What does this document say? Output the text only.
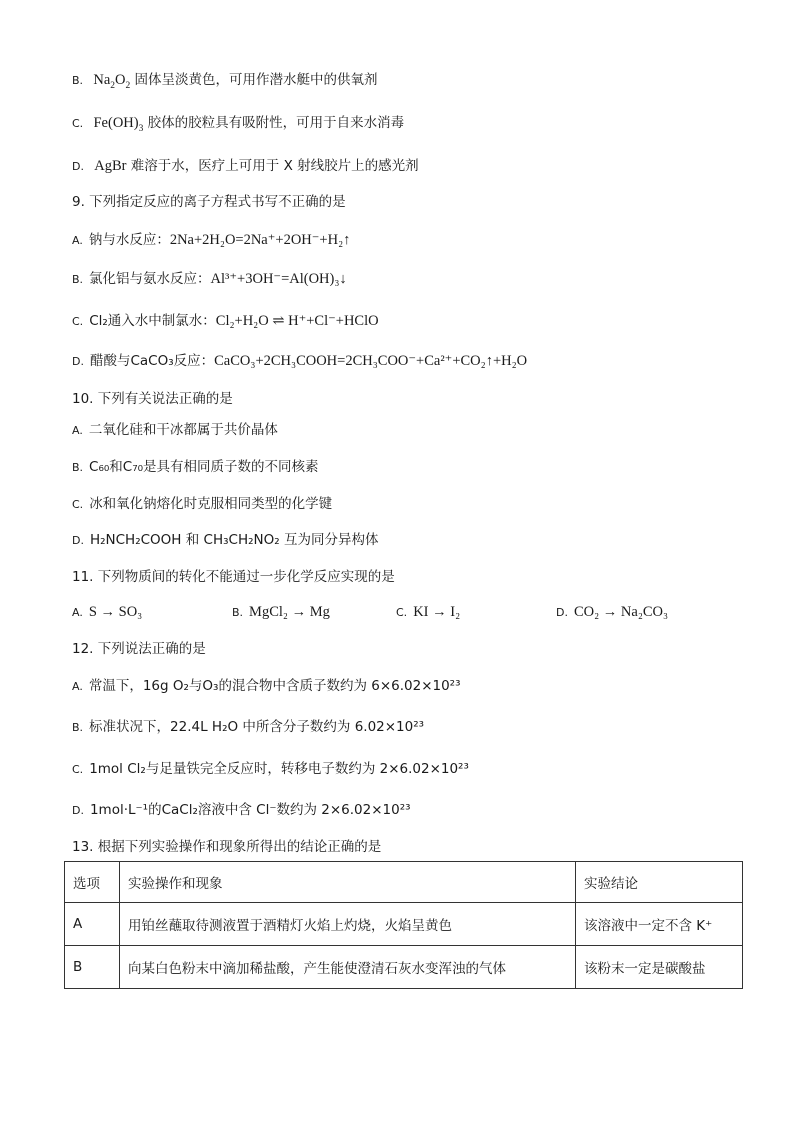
B. $Na_2O_2$ 固体呈淡黄色，可用作潜水艇中的供氧剂
C. $Fe(OH)_3$ 胶体的胶粒具有吸附性，可用于自来水消毒
D. AgBr 难溶于水，医疗上可用于 X 射线胶片上的感光剂
9. 下列指定反应的离子方程式书写不正确的是
A. 钠与水反应：2Na+2H₂O=2Na⁺+2OH⁻+H₂↑
B. 氯化铝与氨水反应：Al³⁺+3OH⁻=Al(OH)₃↓
C. Cl₂通入水中制氯水：Cl₂+H₂O ⇌ H⁺+Cl⁻+HClO
D. 醋酸与CaCO₃反应：CaCO₃+2CH₃COOH=2CH₃COO⁻+Ca²⁺+CO₂↑+H₂O
10. 下列有关说法正确的是
A. 二氧化硅和干冰都属于共价晶体
B. C₆₀和C₇₀是具有相同质子数的不同核素
C. 冰和氧化钠熔化时克服相同类型的化学键
D. H₂NCH₂COOH 和 CH₃CH₂NO₂ 互为同分异构体
11. 下列物质间的转化不能通过一步化学反应实现的是
A. S → SO₃	B. MgCl₂ → Mg	C. KI → I₂	D. CO₂ → Na₂CO₃
12. 下列说法正确的是
A. 常温下，16g O₂与O₃的混合物中含质子数约为 6×6.02×10²³
B. 标准状况下，22.4L H₂O 中所含分子数约为 6.02×10²³
C. 1mol Cl₂与足量铁完全反应时，转移电子数约为 2×6.02×10²³
D. 1mol·L⁻¹的CaCl₂溶液中含 Cl⁻数约为 2×6.02×10²³
13. 根据下列实验操作和现象所得出的结论正确的是
选项	实验操作和现象	实验结论
A	用铂丝蘸取待测液置于酒精灯火焰上灼烧，火焰呈黄色	该溶液中一定不含 K⁺
B	向某白色粉末中滴加稀盐酸，产生能使澄清石灰水变浑浊的气体	该粉末一定是碳酸盐
